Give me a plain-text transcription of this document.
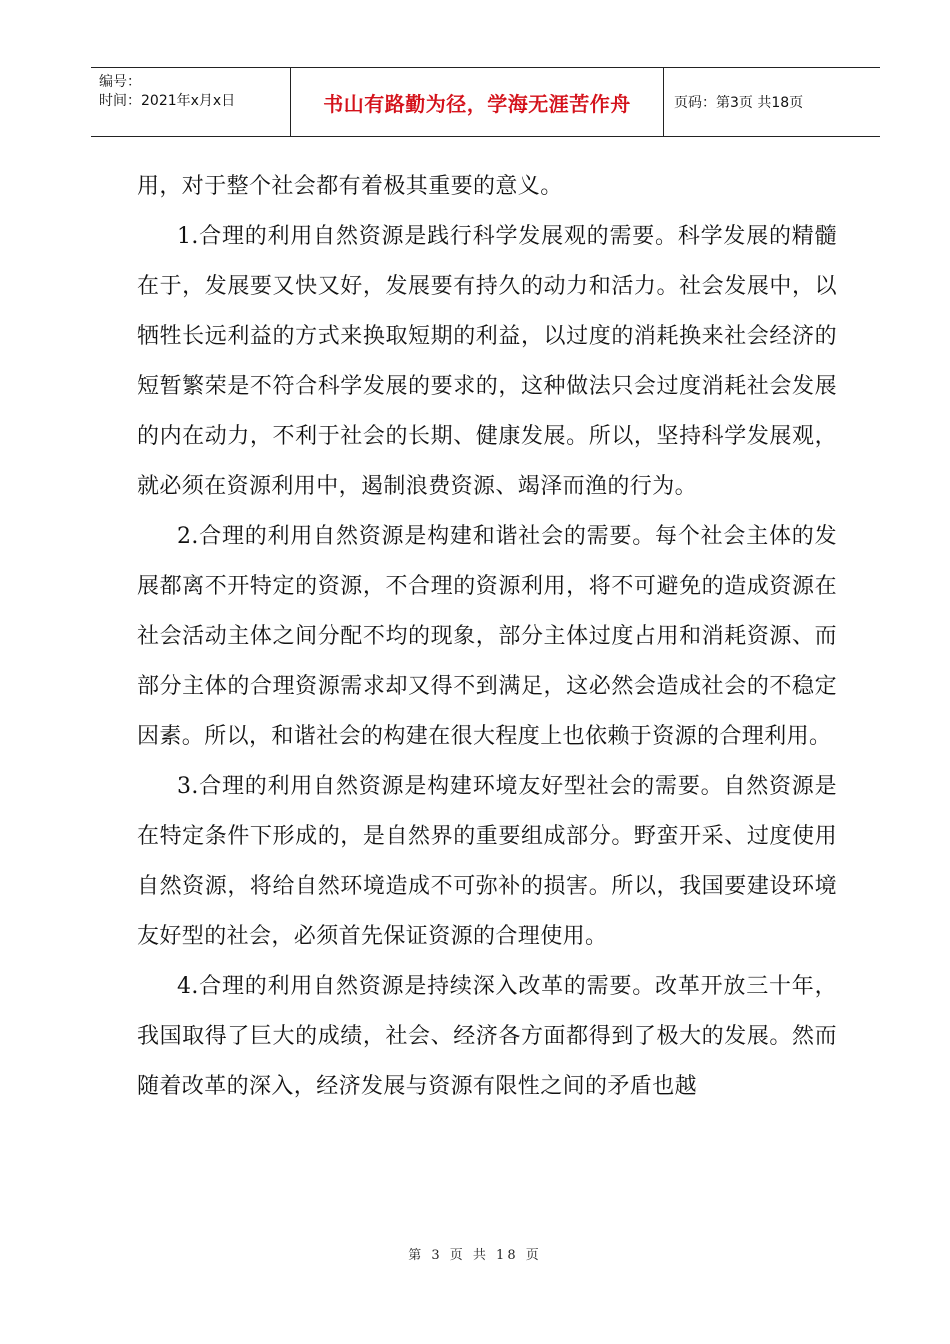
编号：
时间：2021年x月x日	书山有路勤为径，学海无涯苦作舟	页码：第3页 共18页

用，对于整个社会都有着极其重要的意义。

1.合理的利用自然资源是践行科学发展观的需要。科学发展的精髓在于，发展要又快又好，发展要有持久的动力和活力。社会发展中，以牺牲长远利益的方式来换取短期的利益，以过度的消耗换来社会经济的短暂繁荣是不符合科学发展的要求的，这种做法只会过度消耗社会发展的内在动力，不利于社会的长期、健康发展。所以，坚持科学发展观，就必须在资源利用中，遏制浪费资源、竭泽而渔的行为。

2.合理的利用自然资源是构建和谐社会的需要。每个社会主体的发展都离不开特定的资源，不合理的资源利用，将不可避免的造成资源在社会活动主体之间分配不均的现象，部分主体过度占用和消耗资源、而部分主体的合理资源需求却又得不到满足，这必然会造成社会的不稳定因素。所以，和谐社会的构建在很大程度上也依赖于资源的合理利用。

3.合理的利用自然资源是构建环境友好型社会的需要。自然资源是在特定条件下形成的，是自然界的重要组成部分。野蛮开采、过度使用自然资源，将给自然环境造成不可弥补的损害。所以，我国要建设环境友好型的社会，必须首先保证资源的合理使用。

4.合理的利用自然资源是持续深入改革的需要。改革开放三十年，我国取得了巨大的成绩，社会、经济各方面都得到了极大的发展。然而随着改革的深入，经济发展与资源有限性之间的矛盾也越

第 3 页 共 18 页
